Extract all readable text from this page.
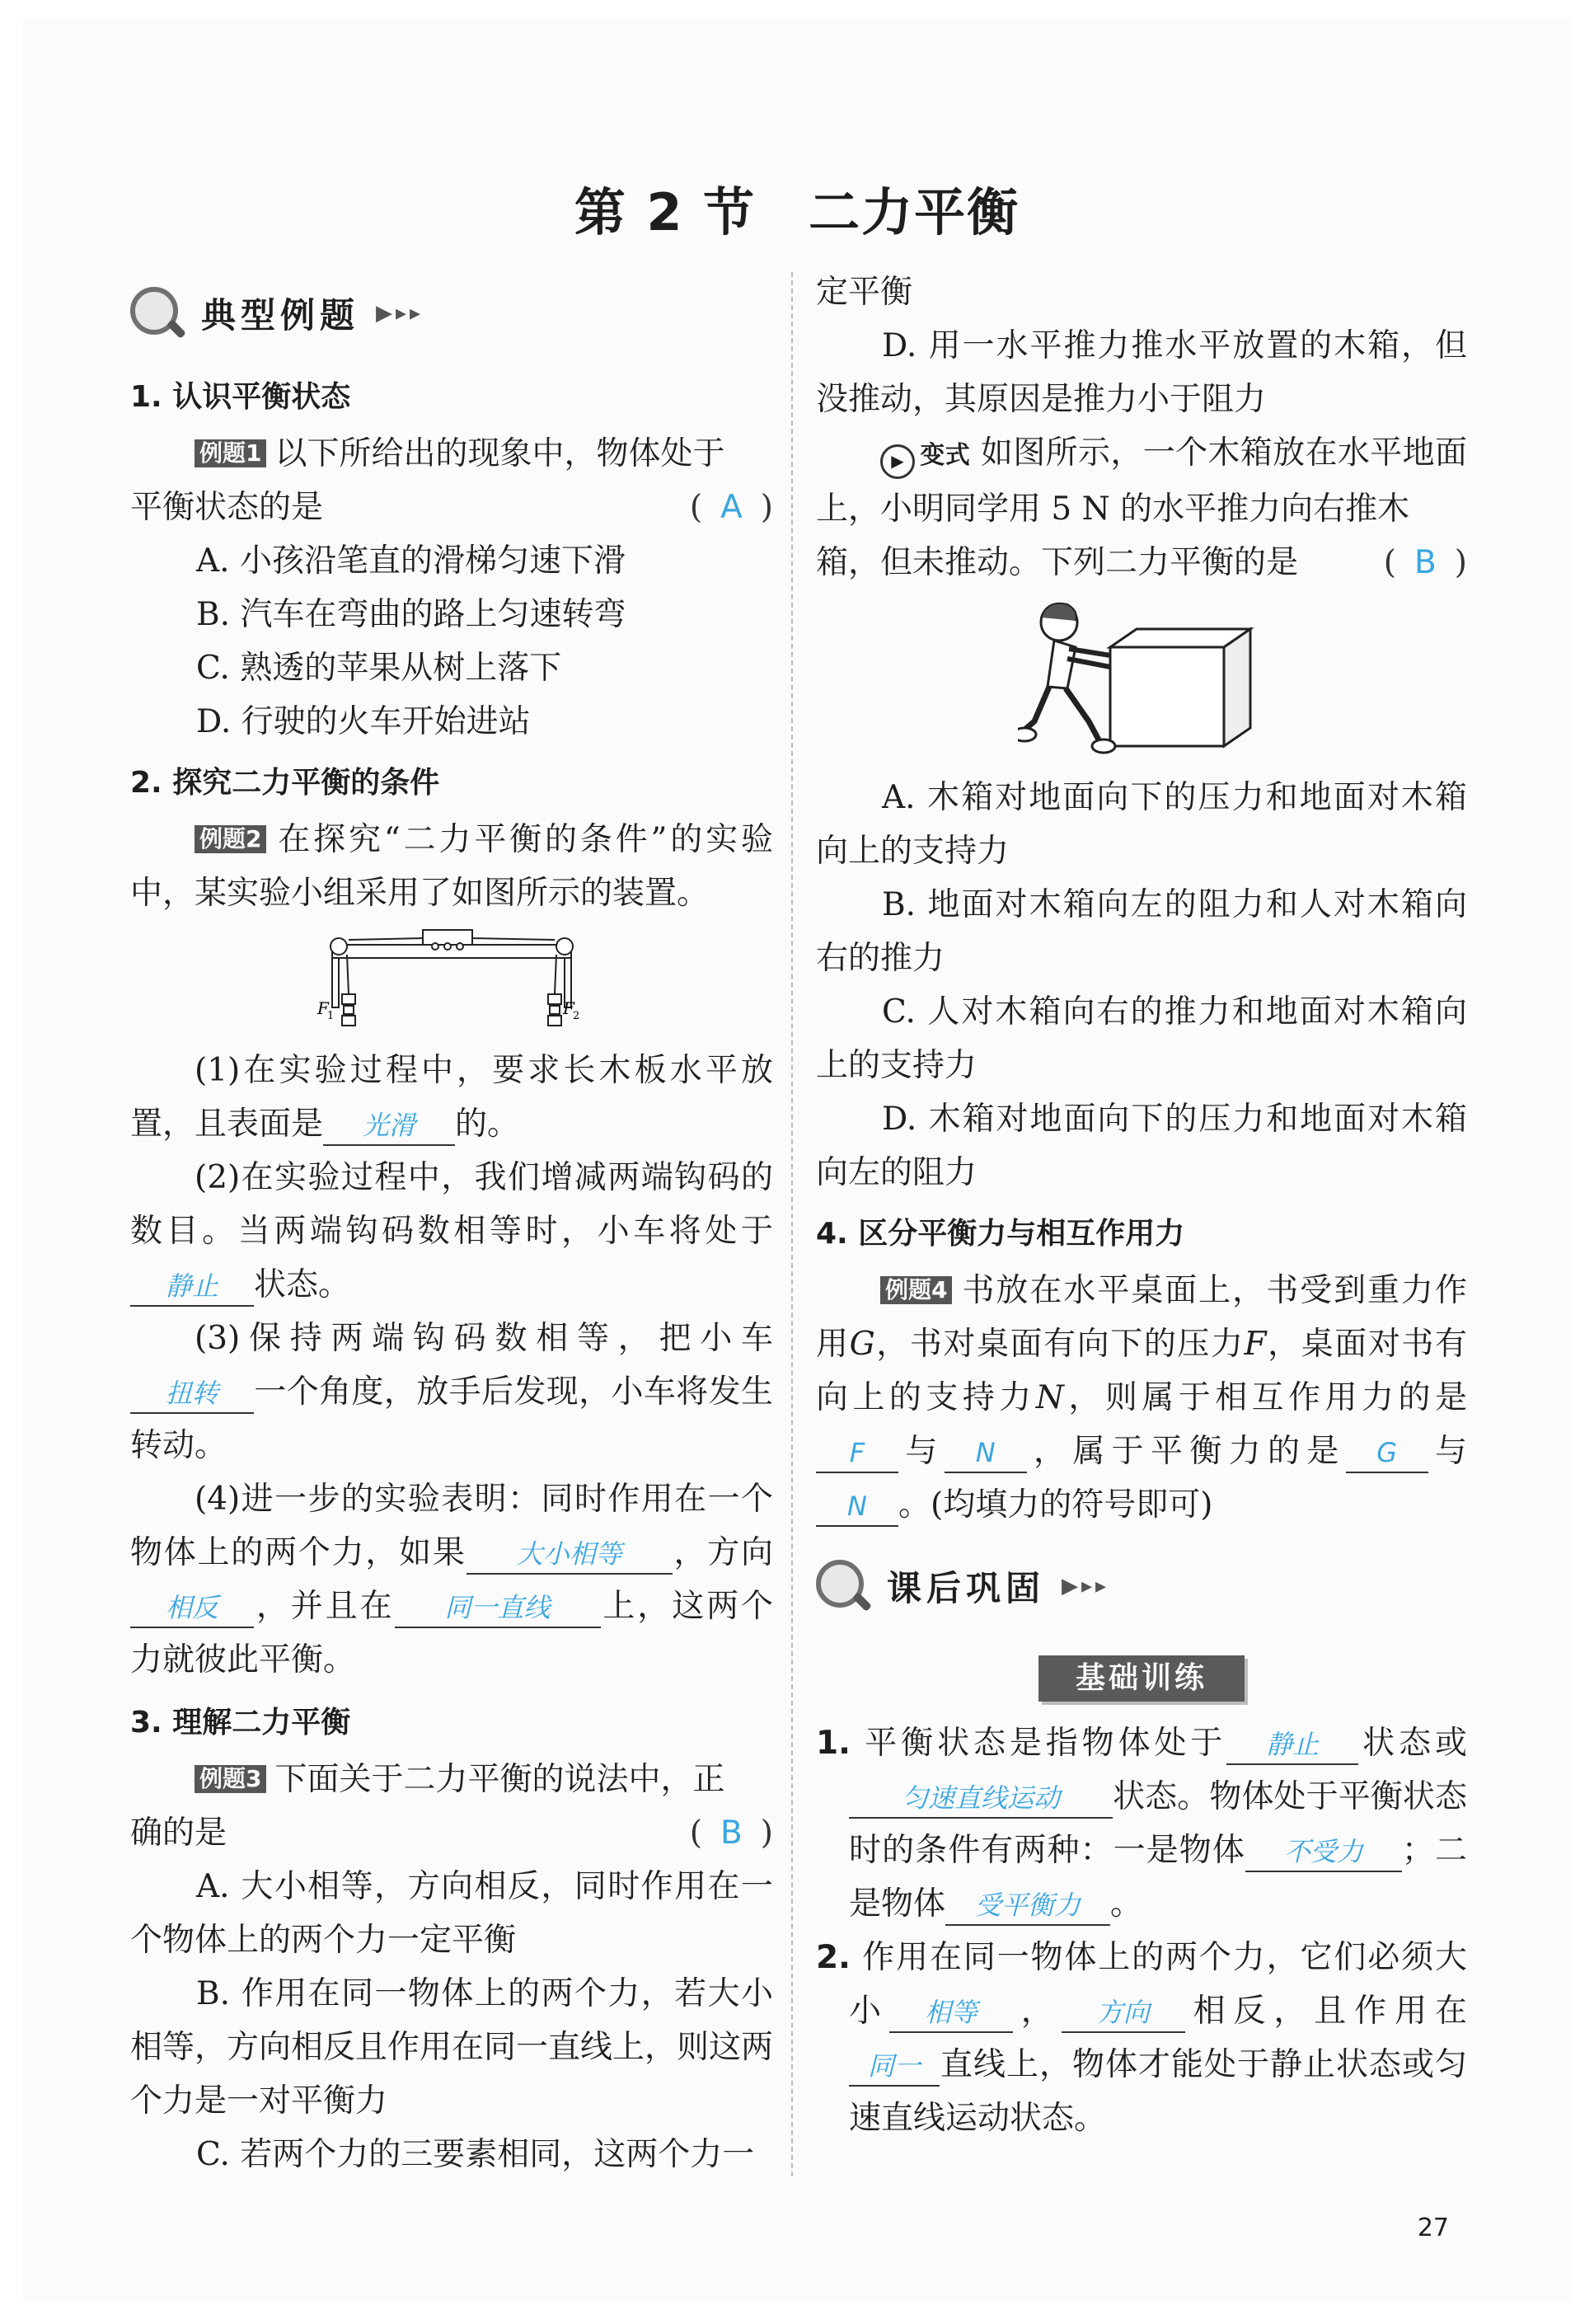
第 2 节　二力平衡
典型例题 ▶▸▸

1. 认识平衡状态

例题1 以下所给出的现象中，物体处于

平衡状态的是	( A )

A. 小孩沿笔直的滑梯匀速下滑

B. 汽车在弯曲的路上匀速转弯

C. 熟透的苹果从树上落下

D. 行驶的火车开始进站

2. 探究二力平衡的条件

例题2 在探究“二力平衡的条件”的实验中，某实验小组采用了如图所示的装置。

F
1	F
2

(1)在实验过程中，要求长木板水平放置，且表面是 光滑 的。

(2)在实验过程中，我们增减两端钩码的数目。当两端钩码数相等时，小车将处于静止 状态。

(3)保持两端钩码数相等，把小车扭转 一个角度，放手后发现，小车将发生转动。

(4)进一步的实验表明：同时作用在一个物体上的两个力，如果 大小相等 ，方向相反 ，并且在 同一直线 上，这两个力就彼此平衡。

3. 理解二力平衡

例题3 下面关于二力平衡的说法中，正

确的是	( B )

A. 大小相等，方向相反，同时作用在一个物体上的两个力一定平衡

B. 作用在同一物体上的两个力，若大小相等，方向相反且作用在同一直线上，则这两个力是一对平衡力

C. 若两个力的三要素相同，这两个力一

定平衡

D. 用一水平推力推水平放置的木箱，但没推动，其原因是推力小于阻力

▶ 变式 如图所示，一个木箱放在水平地面上，小明同学用 5 N 的水平推力向右推木

箱，但未推动。下列二力平衡的是	( B )

A. 木箱对地面向下的压力和地面对木箱向上的支持力

B. 地面对木箱向左的阻力和人对木箱向右的推力

C. 人对木箱向右的推力和地面对木箱向上的支持力

D. 木箱对地面向下的压力和地面对木箱向左的阻力

4. 区分平衡力与相互作用力

例题4 书放在水平桌面上，书受到重力作用G，书对桌面有向下的压力F，桌面对书有向上的支持力N，则属于相互作用力的是F 与 N ，属于平衡力的是 G 与N 。(均填力的符号即可)

课后巩固 ▶▸▸
基础训练

1. 平衡状态是指物体处于 静止 状态或匀速直线运动 状态。物体处于平衡状态时的条件有两种：一是物体 不受力 ；二是物体 受平衡力 。

2. 作用在同一物体上的两个力，它们必须大小 相等 ， 方向 相反，且作用在同一 直线上，物体才能处于静止状态或匀速直线运动状态。

27
